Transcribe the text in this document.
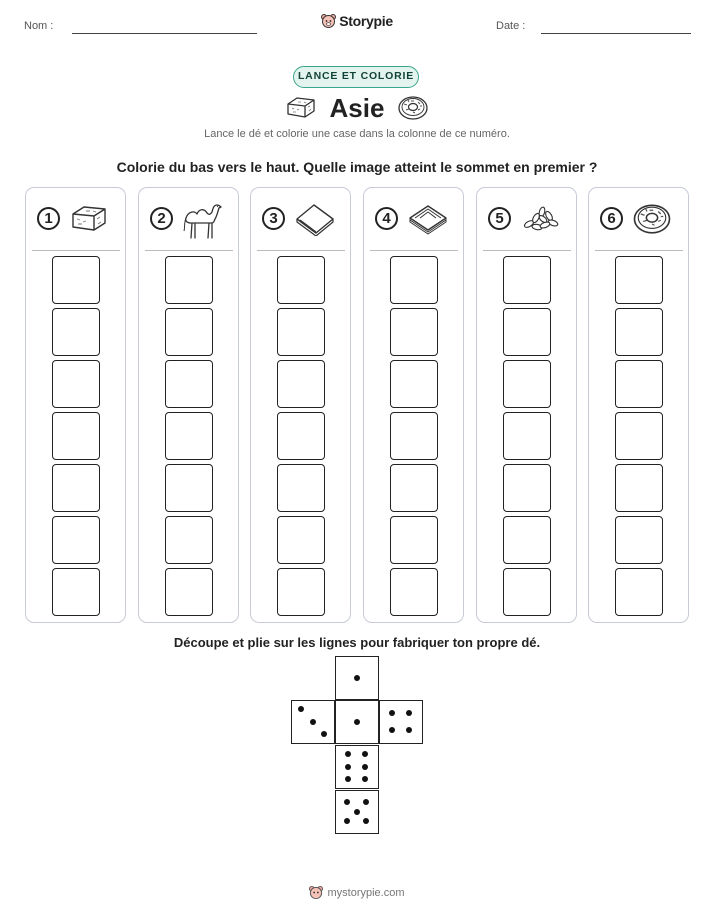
Nom :	Storypie	Date :
LANCE ET COLORIE
Asie
Lance le dé et colorie une case dans la colonne de ce numéro.
Colorie du bas vers le haut. Quelle image atteint le sommet en premier ?
1	2	3	4	5	6
Découpe et plie sur les lignes pour fabriquer ton propre dé.
mystorypie.com
